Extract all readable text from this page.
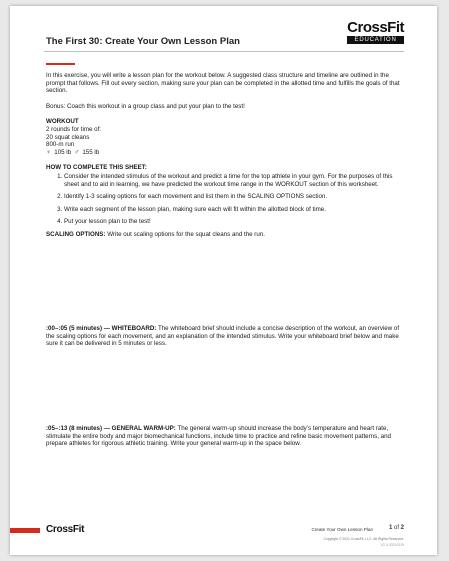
The First 30: Create Your Own Lesson Plan
CrossFit
EDUCATION

In this exercise, you will write a lesson plan for the workout below. A suggested class structure and timeline are outlined in the prompt that follows. Fill out every section, making sure your plan can be completed in the allotted time and fulfills the goals of that section.

Bonus: Coach this workout in a group class and put your plan to the test!

WORKOUT

2 rounds for time of:

20 squat cleans

800-m run

♀ 105 lb ♂ 155 lb

HOW TO COMPLETE THIS SHEET:

1. Consider the intended stimulus of the workout and predict a time for the top athlete in your gym. For the purposes of this sheet and to aid in learning, we have predicted the workout time range in the WORKOUT section of this worksheet.
2. Identify 1-3 scaling options for each movement and list them in the SCALING OPTIONS section.
3. Write each segment of the lesson plan, making sure each will fit within the allotted block of time.
4. Put your lesson plan to the test!

SCALING OPTIONS: Write out scaling options for the squat cleans and the run.

:00–:05 (5 minutes) — WHITEBOARD: The whiteboard brief should include a concise description of the workout, an overview of the scaling options for each movement, and an explanation of the intended stimulus. Write your whiteboard brief below and make sure it can be delivered in 5 minutes or less.

:05–:13 (8 minutes) — GENERAL WARM-UP: The general warm-up should increase the body’s temperature and heart rate, stimulate the entire body and major biomechanical functions, include time to practice and refine basic movement patterns, and prepare athletes for rigorous athletic training. Write your general warm-up in the space below.

CrossFit	Create Your Own Lesson Plan	1 of 2
Copyright © 2021 CrossFit, LLC. All Rights Reserved.
V2.0-20210219
